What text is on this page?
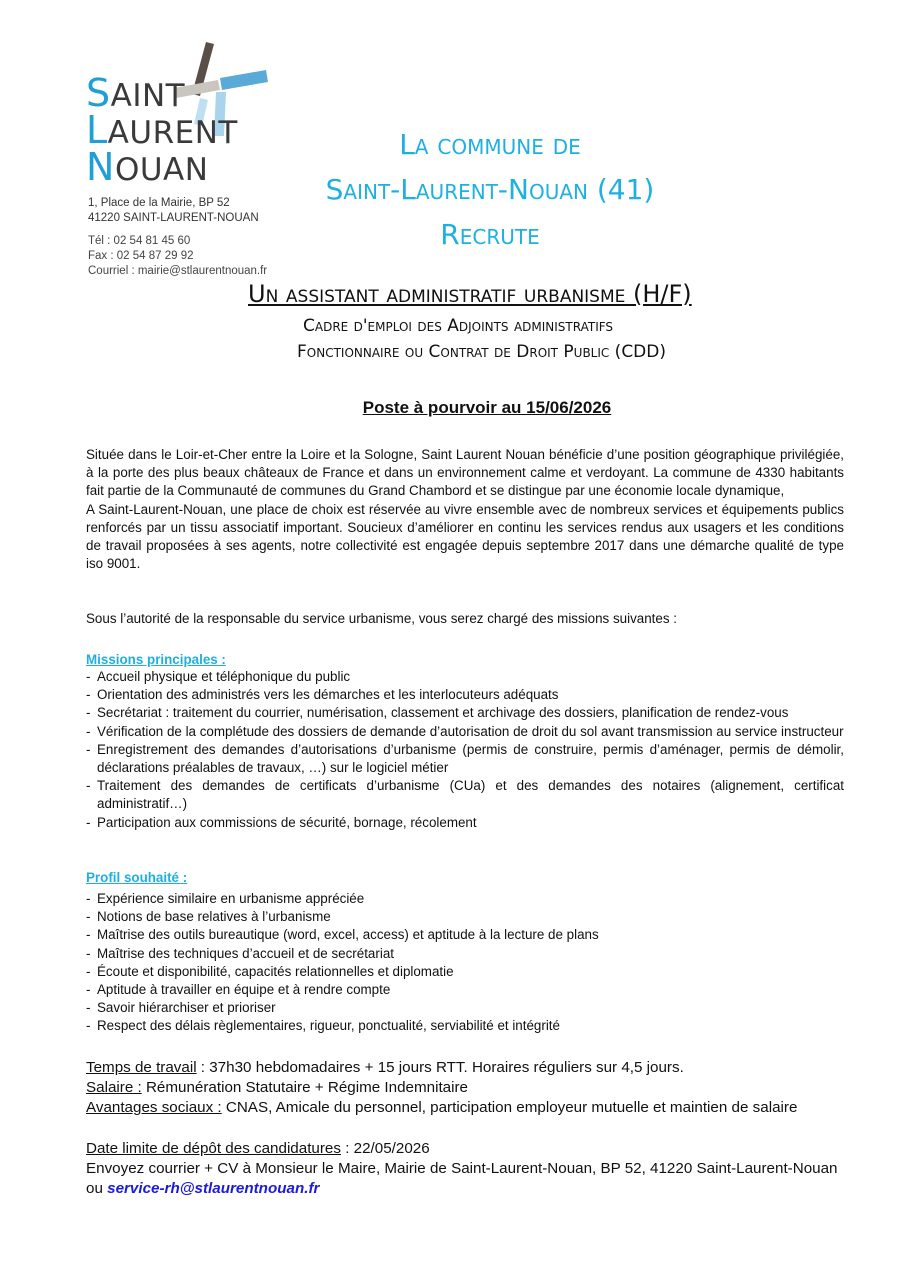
SAINT
LAURENT
NOUAN
1, Place de la Mairie, BP 52
41220 SAINT-LAURENT-NOUAN
Tél : 02 54 81 45 60
Fax : 02 54 87 29 92
Courriel : mairie@stlaurentnouan.fr
La commune de
Saint-Laurent-Nouan (41)
Recrute
Un assistant administratif urbanisme (H/F)
Cadre d'emploi des Adjoints administratifs
Fonctionnaire ou Contrat de Droit Public (CDD)
Poste à pourvoir au 15/06/2026

Située dans le Loir-et-Cher entre la Loire et la Sologne, Saint Laurent Nouan bénéficie d’une position géographique privilégiée, à la porte des plus beaux châteaux de France et dans un environnement calme et verdoyant. La commune de 4330 habitants fait partie de la Communauté de communes du Grand Chambord et se distingue par une économie locale dynamique,

A Saint-Laurent-Nouan, une place de choix est réservée au vivre ensemble avec de nombreux services et équipements publics renforcés par un tissu associatif important. Soucieux d’améliorer en continu les services rendus aux usagers et les conditions de travail proposées à ses agents, notre collectivité est engagée depuis septembre 2017 dans une démarche qualité de type iso 9001.

Sous l’autorité de la responsable du service urbanisme, vous serez chargé des missions suivantes :
Missions principales :
- Accueil physique et téléphonique du public
- Orientation des administrés vers les démarches et les interlocuteurs adéquats
- Secrétariat : traitement du courrier, numérisation, classement et archivage des dossiers, planification de rendez-vous
- Vérification de la complétude des dossiers de demande d’autorisation de droit du sol avant transmission au service instructeur
- Enregistrement des demandes d’autorisations d’urbanisme (permis de construire, permis d’aménager, permis de démolir, déclarations préalables de travaux, …) sur le logiciel métier
- Traitement des demandes de certificats d’urbanisme (CUa) et des demandes des notaires (alignement, certificat administratif…)
- Participation aux commissions de sécurité, bornage, récolement
Profil souhaité :
- Expérience similaire en urbanisme appréciée
- Notions de base relatives à l’urbanisme
- Maîtrise des outils bureautique (word, excel, access) et aptitude à la lecture de plans
- Maîtrise des techniques d’accueil et de secrétariat
- Écoute et disponibilité, capacités relationnelles et diplomatie
- Aptitude à travailler en équipe et à rendre compte
- Savoir hiérarchiser et prioriser
- Respect des délais règlementaires, rigueur, ponctualité, serviabilité et intégrité
Temps de travail : 37h30 hebdomadaires + 15 jours RTT. Horaires réguliers sur 4,5 jours.
Salaire : Rémunération Statutaire + Régime Indemnitaire
Avantages sociaux : CNAS, Amicale du personnel, participation employeur mutuelle et maintien de salaire
Date limite de dépôt des candidatures : 22/05/2026
Envoyez courrier + CV à Monsieur le Maire, Mairie de Saint-Laurent-Nouan, BP 52, 41220 Saint-Laurent-Nouan
ou service-rh@stlaurentnouan.fr
